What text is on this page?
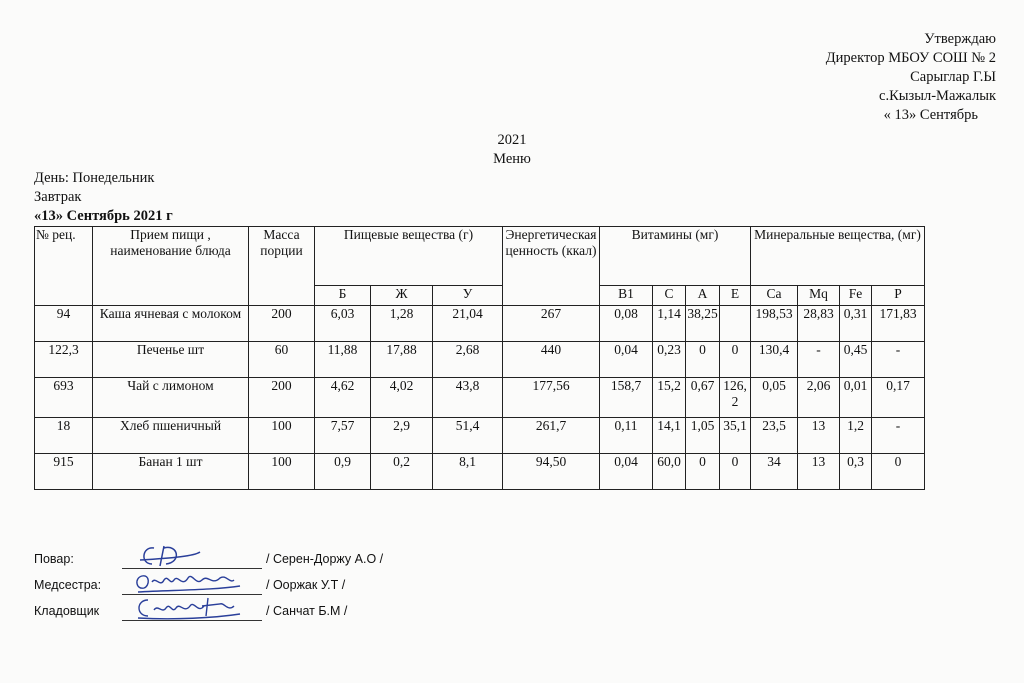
Утверждаю
Директор МБОУ СОШ № 2
Сарыглар Г.Ы
с.Кызыл-Мажалык
« 13» Сентябрь
2021
Меню
День: Понедельник
Завтрак
«13» Сентябрь 2021 г
№ рец.	Прием пищи , наименование блюда	Масса порции	Пищевые вещества (г)			Энергетическая ценность (ккал)	Витамины (мг)				Минеральные вещества, (мг)			
			Б	Ж	У		B1	C	A	E	Ca	Mq	Fe	P
94	Каша ячневая с молоком	200	6,03	1,28	21,04	267	0,08	1,14	38,25		198,53	28,83	0,31	171,83
122,3	Печенье шт	60	11,88	17,88	2,68	440	0,04	0,23	0	0	130,4	-	0,45	-
693	Чай с лимоном	200	4,62	4,02	43,8	177,56	158,7	15,2	0,67	126,2	0,05	2,06	0,01	0,17
18	Хлеб пшеничный	100	7,57	2,9	51,4	261,7	0,11	14,1	1,05	35,1	23,5	13	1,2	-
915	Банан 1 шт	100	0,9	0,2	8,1	94,50	0,04	60,0	0	0	34	13	0,3	0
Повар:	/ Серен-Доржу А.О /
Медсестра:	/ Ооржак У.Т /
Кладовщик	/ Санчат Б.М /
